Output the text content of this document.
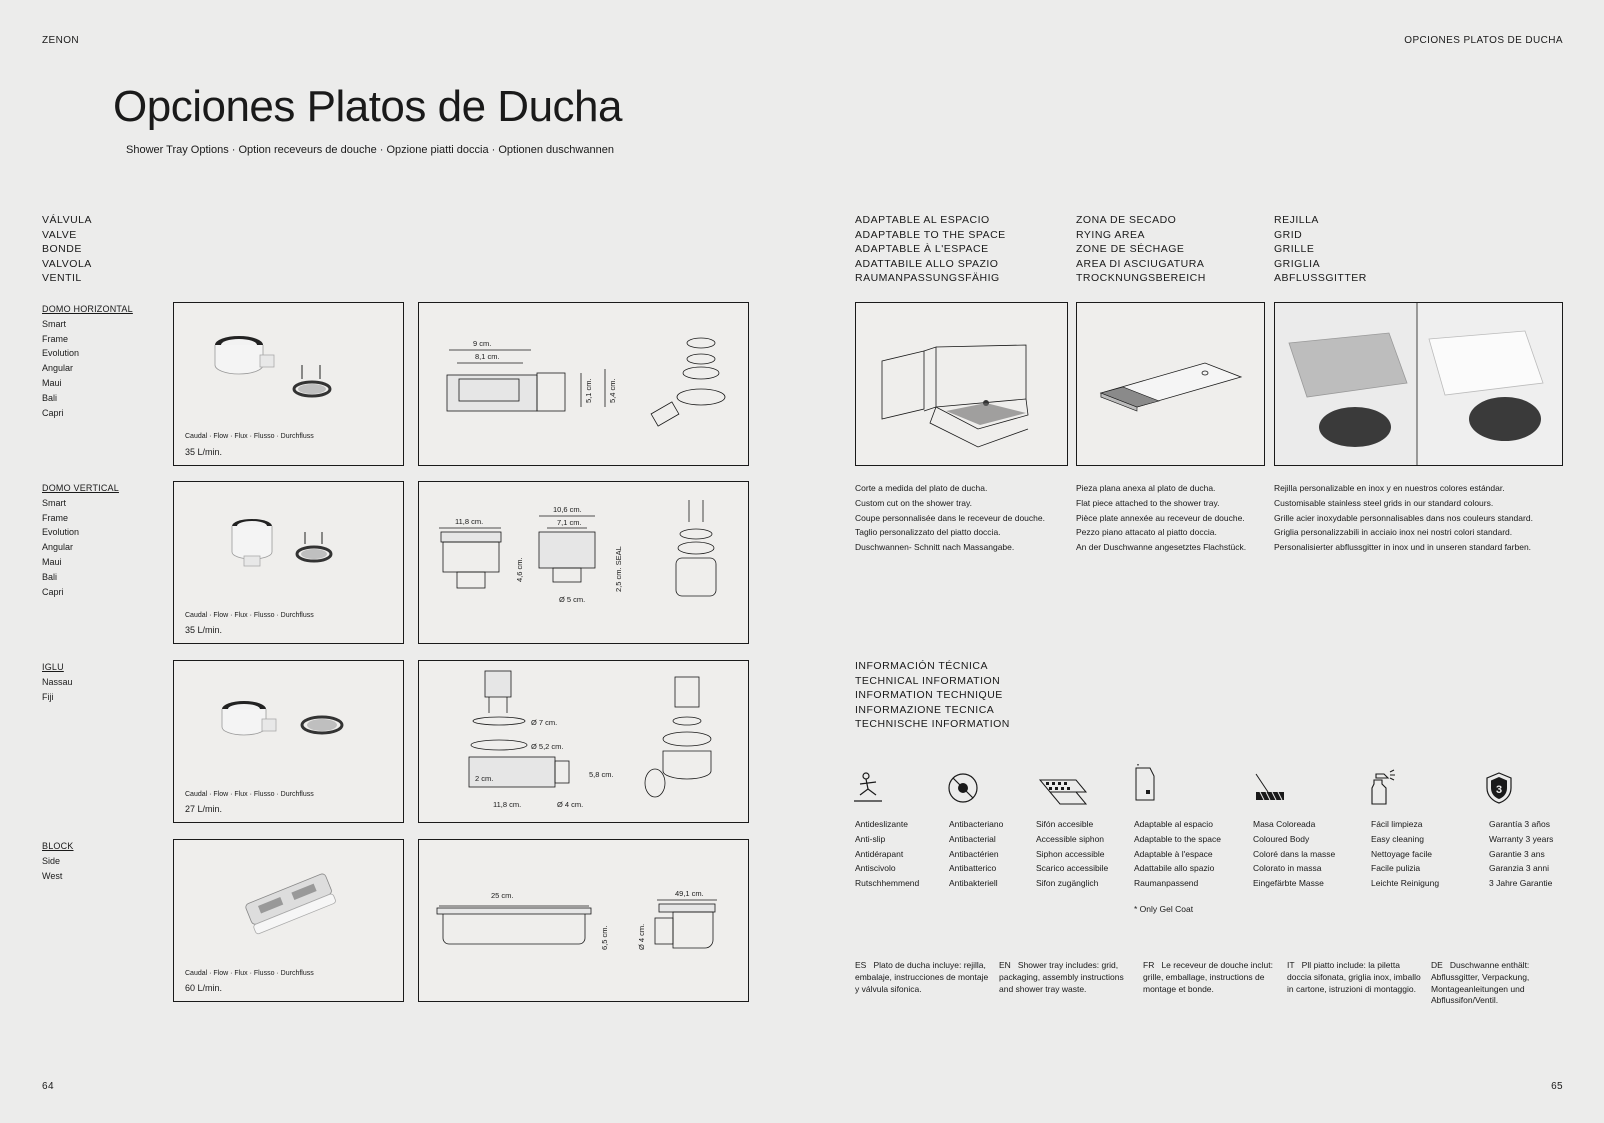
ZENON	OPCIONES PLATOS DE DUCHA
Opciones Platos de Ducha
Shower Tray Options · Option receveurs de douche · Opzione piatti doccia · Optionen duschwannen
VÁLVULA
VALVE
BONDE
VALVOLA
VENTIL
DOMO HORIZONTAL
Smart
Frame
Evolution
Angular
Maui
Bali
Capri
Caudal · Flow · Flux · Flusso · Durchfluss
35 L/min.
9 cm.
8,1 cm.
5,1 cm. 5,4 cm.
DOMO VERTICAL
Smart
Frame
Evolution
Angular
Maui
Bali
Capri
Caudal · Flow · Flux · Flusso · Durchfluss
35 L/min.
11,8 cm.
10,6 cm.
7,1 cm.
4,6 cm.	2,5 cm. SEAL
Ø 5 cm.
IGLU
Nassau
Fiji
Caudal · Flow · Flux · Flusso · Durchfluss
27 L/min.
Ø 7 cm.
Ø 5,2 cm.
2 cm.	5,8 cm.
11,8 cm.	Ø 4 cm.
BLOCK
Side
West
Caudal · Flow · Flux · Flusso · Durchfluss
60 L/min.
25 cm.
6,5 cm.
49,1 cm.
Ø 4 cm.
ADAPTABLE AL ESPACIO
ADAPTABLE TO THE SPACE
ADAPTABLE À L'ESPACE
ADATTABILE ALLO SPAZIO
RAUMANPASSUNGSFÄHIG
ZONA DE SECADO
RYING AREA
ZONE DE SÉCHAGE
AREA DI ASCIUGATURA
TROCKNUNGSBEREICH
REJILLA
GRID
GRILLE
GRIGLIA
ABFLUSSGITTER
Corte a medida del plato de ducha.
Custom cut on the shower tray.
Coupe personnalisée dans le receveur de douche.
Taglio personalizzato del piatto doccia.
Duschwannen- Schnitt nach Massangabe.
Pieza plana anexa al plato de ducha.
Flat piece attached to the shower tray.
Pièce plate annexée au receveur de douche.
Pezzo piano attacato al piatto doccia.
An der Duschwanne angesetztes Flachstück.
Rejilla personalizable en inox y en nuestros colores estándar.
Customisable stainless steel grids in our standard colours.
Grille acier inoxydable personnalisables dans nos couleurs standard.
Griglia personalizzabili in acciaio inox nei nostri colori standard.
Personalisierter abflussgitter in inox und in unseren standard farben.
INFORMACIÓN TÉCNICA
TECHNICAL INFORMATION
INFORMATION TECHNIQUE
INFORMAZIONE TECNICA
TECHNISCHE INFORMATION
3
Antideslizante
Anti-slip
Antidérapant
Antiscivolo
Rutschhemmend
Antibacteriano
Antibacterial
Antibactérien
Antibatterico
Antibakteriell
Sifón accesible
Accessible siphon
Siphon accessible
Scarico accessibile
Sifon zugänglich
Adaptable al espacio
Adaptable to the space
Adaptable à l'espace
Adattabile allo spazio
Raumanpassend
Masa Coloreada
Coloured Body
Coloré dans la masse
Colorato in massa
Eingefärbte Masse
Fácil limpieza
Easy cleaning
Nettoyage facile
Facile pulizia
Leichte Reinigung
Garantía 3 años
Warranty 3 years
Garantie 3 ans
Garanzia 3 anni
3 Jahre Garantie
* Only Gel Coat
ES Plato de ducha incluye: rejilla, embalaje, instrucciones de montaje y válvula sifonica.
EN Shower tray includes: grid, packaging, assembly instructions and shower tray waste.
FR Le receveur de douche inclut: grille, emballage, instructions de montage et bonde.
IT Pll piatto include: la piletta doccia sifonata, griglia inox, imballo in cartone, istruzioni di montaggio.
DE Duschwanne enthält: Abflussgitter, Verpackung, Montageanleitungen und Abflussifon/Ventil.
64	65
